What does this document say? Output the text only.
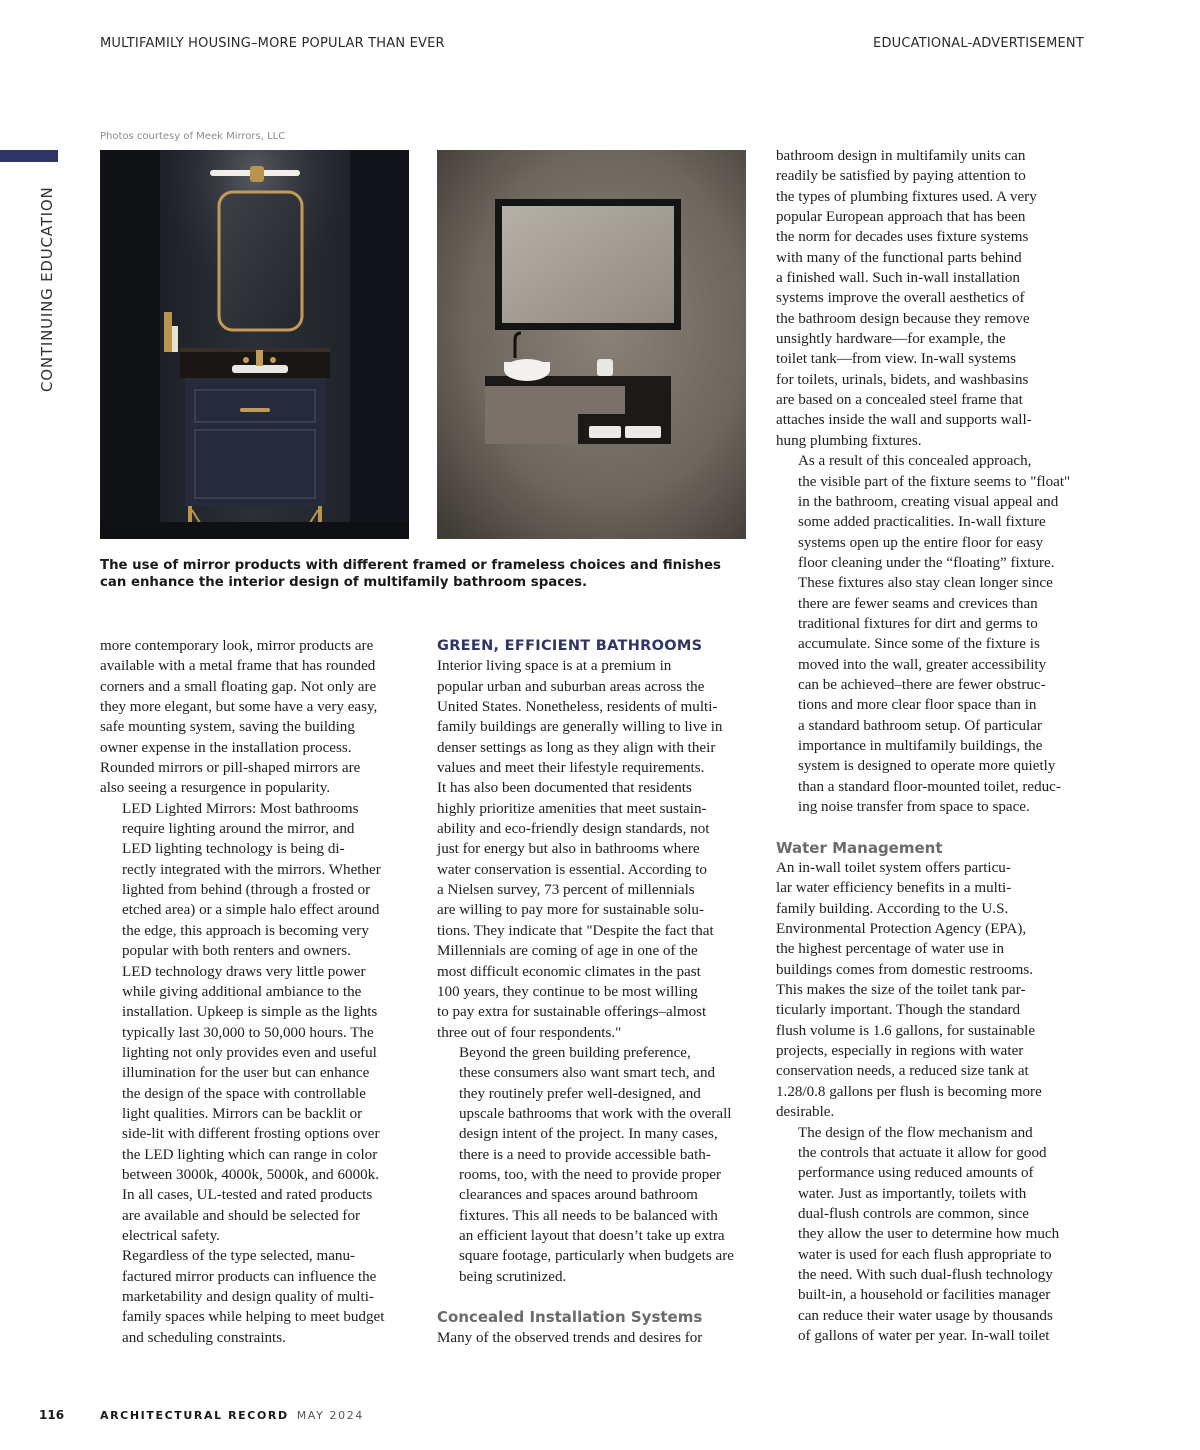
MULTIFAMILY HOUSING–MORE POPULAR THAN EVER	EDUCATIONAL-ADVERTISEMENT
CONTINUING EDUCATION
Photos courtesy of Meek Mirrors, LLC
The use of mirror products with different framed or frameless choices and finishes can enhance the interior design of multifamily bathroom spaces.

more contemporary look, mirror products are
available with a metal frame that has rounded
corners and a small floating gap. Not only are
they more elegant, but some have a very easy,
safe mounting system, saving the building
owner expense in the installation process.
Rounded mirrors or pill-shaped mirrors are
also seeing a resurgence in popularity.

LED Lighted Mirrors: Most bathrooms
require lighting around the mirror, and
LED lighting technology is being di-
rectly integrated with the mirrors. Whether
lighted from behind (through a frosted or
etched area) or a simple halo effect around
the edge, this approach is becoming very
popular with both renters and owners.
LED technology draws very little power
while giving additional ambiance to the
installation. Upkeep is simple as the lights
typically last 30,000 to 50,000 hours. The
lighting not only provides even and useful
illumination for the user but can enhance
the design of the space with controllable
light qualities. Mirrors can be backlit or
side-lit with different frosting options over
the LED lighting which can range in color
between 3000k, 4000k, 5000k, and 6000k.
In all cases, UL-tested and rated products
are available and should be selected for
electrical safety.

Regardless of the type selected, manu-
factured mirror products can influence the
marketability and design quality of multi-
family spaces while helping to meet budget
and scheduling constraints.

GREEN, EFFICIENT BATHROOMS

Interior living space is at a premium in
popular urban and suburban areas across the
United States. Nonetheless, residents of multi-
family buildings are generally willing to live in
denser settings as long as they align with their
values and meet their lifestyle requirements.
It has also been documented that residents
highly prioritize amenities that meet sustain-
ability and eco-friendly design standards, not
just for energy but also in bathrooms where
water conservation is essential. According to
a Nielsen survey, 73 percent of millennials
are willing to pay more for sustainable solu-
tions. They indicate that "Despite the fact that
Millennials are coming of age in one of the
most difficult economic climates in the past
100 years, they continue to be most willing
to pay extra for sustainable offerings–almost
three out of four respondents."

Beyond the green building preference,
these consumers also want smart tech, and
they routinely prefer well-designed, and
upscale bathrooms that work with the overall
design intent of the project. In many cases,
there is a need to provide accessible bath-
rooms, too, with the need to provide proper
clearances and spaces around bathroom
fixtures. This all needs to be balanced with
an efficient layout that doesn’t take up extra
square footage, particularly when budgets are
being scrutinized.

Concealed Installation Systems

Many of the observed trends and desires for

bathroom design in multifamily units can
readily be satisfied by paying attention to
the types of plumbing fixtures used. A very
popular European approach that has been
the norm for decades uses fixture systems
with many of the functional parts behind
a finished wall. Such in-wall installation
systems improve the overall aesthetics of
the bathroom design because they remove
unsightly hardware—for example, the
toilet tank—from view. In-wall systems
for toilets, urinals, bidets, and washbasins
are based on a concealed steel frame that
attaches inside the wall and supports wall-
hung plumbing fixtures.

As a result of this concealed approach,
the visible part of the fixture seems to "float"
in the bathroom, creating visual appeal and
some added practicalities. In-wall fixture
systems open up the entire floor for easy
floor cleaning under the “floating” fixture.
These fixtures also stay clean longer since
there are fewer seams and crevices than
traditional fixtures for dirt and germs to
accumulate. Since some of the fixture is
moved into the wall, greater accessibility
can be achieved–there are fewer obstruc-
tions and more clear floor space than in
a standard bathroom setup. Of particular
importance in multifamily buildings, the
system is designed to operate more quietly
than a standard floor-mounted toilet, reduc-
ing noise transfer from space to space.

Water Management

An in-wall toilet system offers particu-
lar water efficiency benefits in a multi-
family building. According to the U.S.
Environmental Protection Agency (EPA),
the highest percentage of water use in
buildings comes from domestic restrooms.
This makes the size of the toilet tank par-
ticularly important. Though the standard
flush volume is 1.6 gallons, for sustainable
projects, especially in regions with water
conservation needs, a reduced size tank at
1.28/0.8 gallons per flush is becoming more
desirable.

The design of the flow mechanism and
the controls that actuate it allow for good
performance using reduced amounts of
water. Just as importantly, toilets with
dual-flush controls are common, since
they allow the user to determine how much
water is used for each flush appropriate to
the need. With such dual-flush technology
built-in, a household or facilities manager
can reduce their water usage by thousands
of gallons of water per year. In-wall toilet

116	ARCHITECTURAL RECORD MAY 2024
